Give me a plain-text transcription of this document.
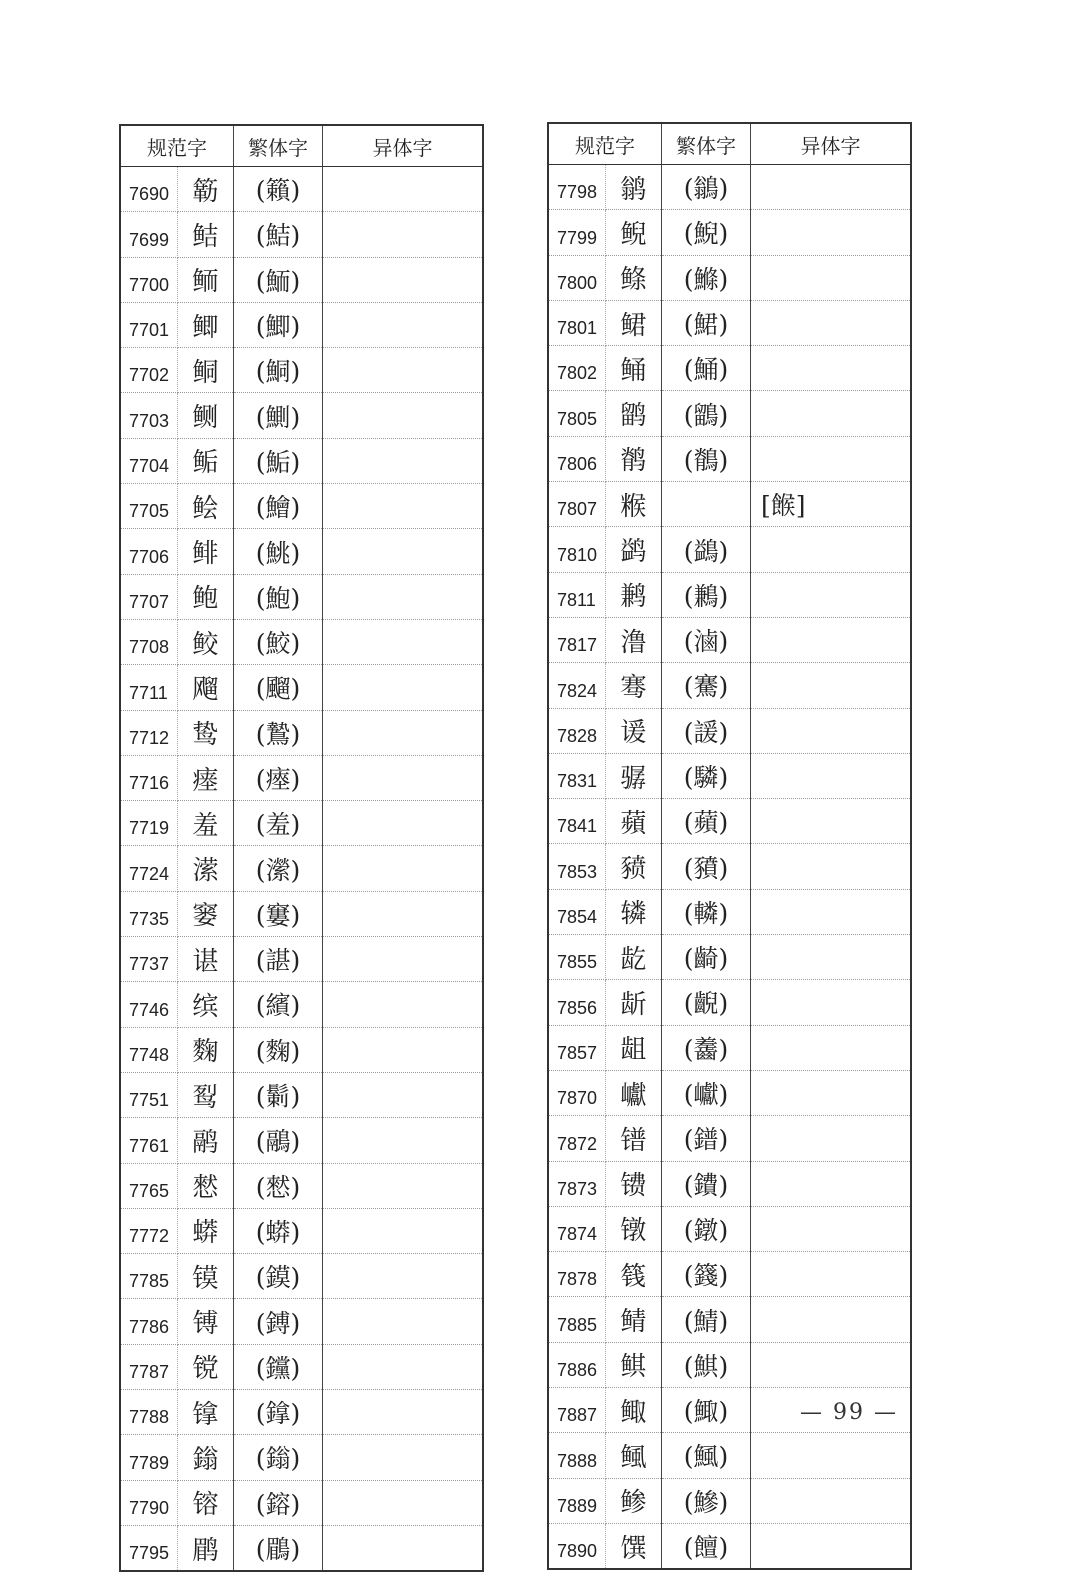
规范字		繁体字	异体字
7690	簕	(籟)	
7699	鲒	(鮚)	
7700	鲕	(鮞)	
7701	鲫	(鯽)	
7702	鲖	(鮦)	
7703	鲗	(鰂)	
7704	鲘	(鮜)	
7705	鲙	(鱠)	
7706	鲱	(鮡)	
7707	鲍	(鮑)	
7708	鲛	(鮫)	
7711	飗	(飀)	
7712	鸷	(鷙)	
7716	瘗	(瘞)	
7719	羞	(羞)	
7724	潆	(瀠)	
7735	窭	(窶)	
7737	谌	(諶)	
7746	缤	(繽)	
7748	麴	(麴)	
7751	䴕	(鬎)	
7761	鹝	(鷊)	
7765	憖	(憖)	
7772	蟒	(蟒)	
7785	镆	(鏌)	
7786	镈	(鎛)	
7787	镋	(钂)	
7788	镎	(鎿)	
7789	鎓	(鎓)	
7790	镕	(鎔)	
7795	鹛	(鶥)	
规范字		繁体字	异体字
7798	鹟	(鶲)	
7799	鲵	(鯢)	
7800	鲦	(鰷)	
7801	鲪	(鮶)	
7802	鲬	(鯒)	
7805	鹠	(鶹)	
7806	鹡	(鶺)	
7807	糇		[餱]
7810	鹢	(鷁)	
7811	鹣	(鶼)	
7817	澛	(滷)	
7824	骞	(騫)	
7828	谖	(諼)	
7831	骣	(驎)	
7841	蘋	(蘋)	
7853	豮	(豶)	
7854	辚	(轔)	
7855	龁	(齮)	
7856	龂	(齯)	
7857	龃	(齹)	
7870	巘	(巘)	
7872	镨	(鐠)	
7873	镄	(鐨)	
7874	镦	(鐓)	
7878	篯	(籛)	
7885	鲭	(鯖)	
7886	鲯	(鯕)	
7887	鲰	(鯫)	
7888	鲺	(鯴)	
7889	鲹	(鰺)	
7890	馔	(饘)	
— 99 —
